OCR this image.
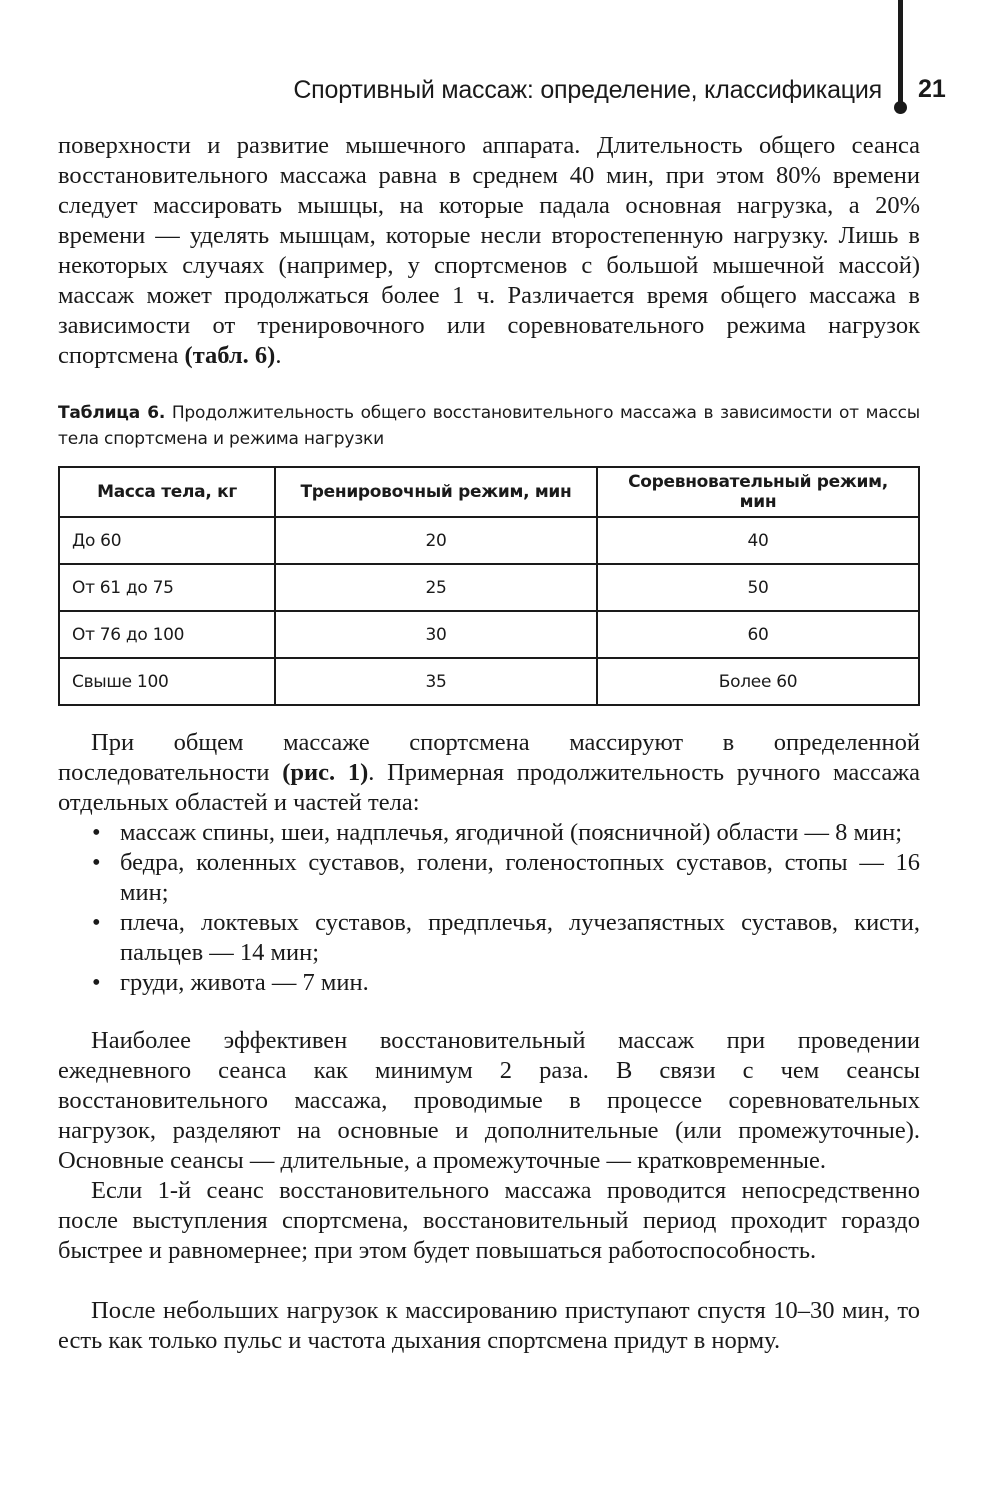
Спортивный массаж: определение, классификация 21

поверхности и развитие мышечного аппарата. Длительность общего сеанса восстановительного массажа равна в среднем 40 мин, при этом 80% времени следует массировать мышцы, на которые падала основная нагрузка, а 20% времени — уделять мышцам, которые несли второстепенную нагрузку. Лишь в некоторых случаях (например, у спортсменов с большой мышечной массой) массаж может продолжаться более 1 ч. Различается время общего массажа в зависимости от тренировочного или соревновательного режима нагрузок спортсмена (табл. 6).

Таблица 6. Продолжительность общего восстановительного массажа в зависимости от массы тела спортсмена и режима нагрузки

Масса тела, кг	Тренировочный режим, мин	Соревновательный режим, мин
До 60	20	40
От 61 до 75	25	50
От 76 до 100	30	60
Свыше 100	35	Более 60

При общем массаже спортсмена массируют в определенной последовательности (рис. 1). Примерная продолжительность ручного массажа отдельных областей и частей тела:

• массаж спины, шеи, надплечья, ягодичной (поясничной) области — 8 мин;
• бедра, коленных суставов, голени, голеностопных суставов, стопы — 16 мин;
• плеча, локтевых суставов, предплечья, лучезапястных суставов, кисти, пальцев — 14 мин;
• груди, живота — 7 мин.

Наиболее эффективен восстановительный массаж при проведении ежедневного сеанса как минимум 2 раза. В связи с чем сеансы восстановительного массажа, проводимые в процессе соревновательных нагрузок, разделяют на основные и дополнительные (или промежуточные). Основные сеансы — длительные, а промежуточные — кратковременные.

Если 1-й сеанс восстановительного массажа проводится непосредственно после выступления спортсмена, восстановительный период проходит гораздо быстрее и равномернее; при этом будет повышаться работоспособность.

После небольших нагрузок к массированию приступают спустя 10–30 мин, то есть как только пульс и частота дыхания спортсмена придут в норму.
